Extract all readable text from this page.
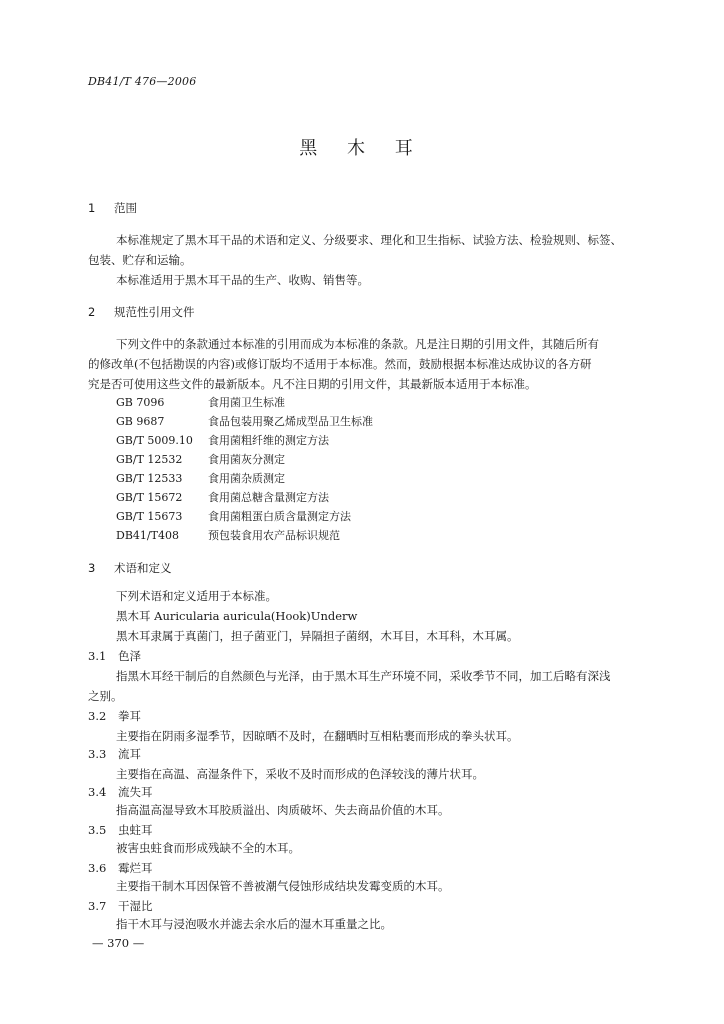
DB41/T 476—2006
黑 木 耳
1 范围
本标准规定了黑木耳干品的术语和定义、分级要求、理化和卫生指标、试验方法、检验规则、标签、
包装、贮存和运输。
本标准适用于黑木耳干品的生产、收购、销售等。
2 规范性引用文件
下列文件中的条款通过本标准的引用而成为本标准的条款。凡是注日期的引用文件，其随后所有
的修改单(不包括勘误的内容)或修订版均不适用于本标准。然而，鼓励根据本标准达成协议的各方研
究是否可使用这些文件的最新版本。凡不注日期的引用文件，其最新版本适用于本标准。
GB 7096	食用菌卫生标准
GB 9687	食品包装用聚乙烯成型品卫生标准
GB/T 5009.10 食用菌粗纤维的测定方法
GB/T 12532 食用菌灰分测定
GB/T 12533 食用菌杂质测定
GB/T 15672 食用菌总糖含量测定方法
GB/T 15673 食用菌粗蛋白质含量测定方法
DB41/T408	预包装食用农产品标识规范
3 术语和定义
下列术语和定义适用于本标准。
黑木耳 Auricularia auricula(Hook)Underw
黑木耳隶属于真菌门，担子菌亚门，异隔担子菌纲，木耳目，木耳科，木耳属。
3.1 色泽
指黑木耳经干制后的自然颜色与光泽，由于黑木耳生产环境不同，采收季节不同，加工后略有深浅
之别。
3.2 拳耳
主要指在阴雨多湿季节，因晾晒不及时，在翻晒时互相粘裹而形成的拳头状耳。
3.3 流耳
主要指在高温、高湿条件下，采收不及时而形成的色泽较浅的薄片状耳。
3.4 流失耳
指高温高湿导致木耳胶质溢出、肉质破坏、失去商品价值的木耳。
3.5 虫蛀耳
被害虫蛀食而形成残缺不全的木耳。
3.6 霉烂耳
主要指干制木耳因保管不善被潮气侵蚀形成结块发霉变质的木耳。
3.7 干湿比
指干木耳与浸泡吸水并滤去余水后的湿木耳重量之比。
— 370 —
